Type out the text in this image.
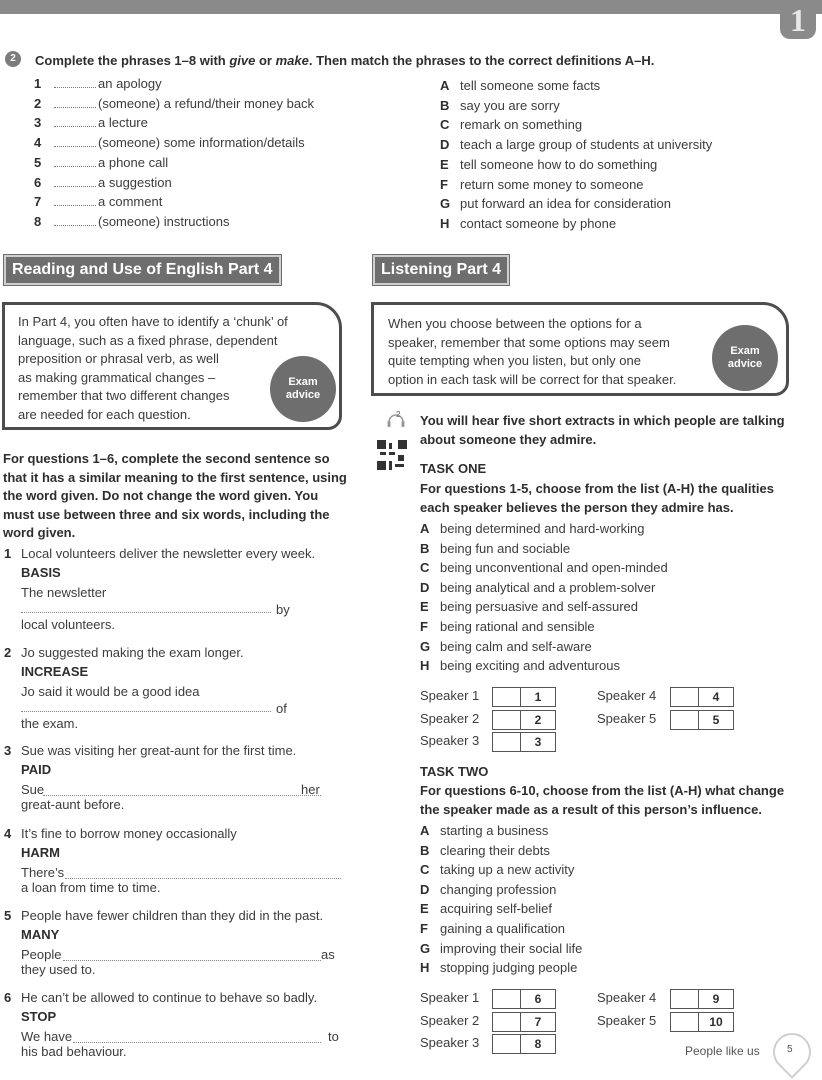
1
2	Complete the phrases 1–8 with give or make. Then match the phrases to the correct definitions A–H.
1	an apology
2	(someone) a refund/their money back
3	a lecture
4	(someone) some information/details
5	a phone call
6	a suggestion
7	a comment
8	(someone) instructions
A tell someone some facts
B say you are sorry
C remark on something
D teach a large group of students at university
E tell someone how to do something
F return some money to someone
G put forward an idea for consideration
H contact someone by phone
Reading and Use of English Part 4
In Part 4, you often have to identify a ‘chunk’ of
language, such as a fixed phrase, dependent
preposition or phrasal verb, as well
as making grammatical changes –
remember that two different changes
are needed for each question.
Exam
advice
For questions 1–6, complete the second sentence so
that it has a similar meaning to the first sentence, using
the word given. Do not change the word given. You
must use between three and six words, including the
word given.
1 Local volunteers deliver the newsletter every week.
BASIS
The newsletter
by
local volunteers.
2 Jo suggested making the exam longer.
INCREASE
Jo said it would be a good idea
of
the exam.
3 Sue was visiting her great-aunt for the first time.
PAID
Sue	her
great-aunt before.
4 It’s fine to borrow money occasionally
HARM
There’s
a loan from time to time.
5 People have fewer children than they did in the past.
MANY
People	as
they used to.
6 He can’t be allowed to continue to behave so badly.
STOP
We have	to
his bad behaviour.
Listening Part 4
When you choose between the options for a
speaker, remember that some options may seem
quite tempting when you listen, but only one
option in each task will be correct for that speaker.
Exam
advice
2 You will hear five short extracts in which people are talking
about someone they admire.
TASK ONE
For questions 1-5, choose from the list (A-H) the qualities
each speaker believes the person they admire has.
A being determined and hard-working
B being fun and sociable
C being unconventional and open-minded
D being analytical and a problem-solver
E being persuasive and self-assured
F being rational and sensible
G being calm and self-aware
H being exciting and adventurous
Speaker 1	1
Speaker 2	2
Speaker 3	3
Speaker 4	4
Speaker 5	5
TASK TWO
For questions 6-10, choose from the list (A-H) what change
the speaker made as a result of this person’s influence.
A starting a business
B clearing their debts
C taking up a new activity
D changing profession
E acquiring self-belief
F gaining a qualification
G improving their social life
H stopping judging people
Speaker 1	6
Speaker 2	7
Speaker 3	8
Speaker 4	9
Speaker 5	10
People like us	5
